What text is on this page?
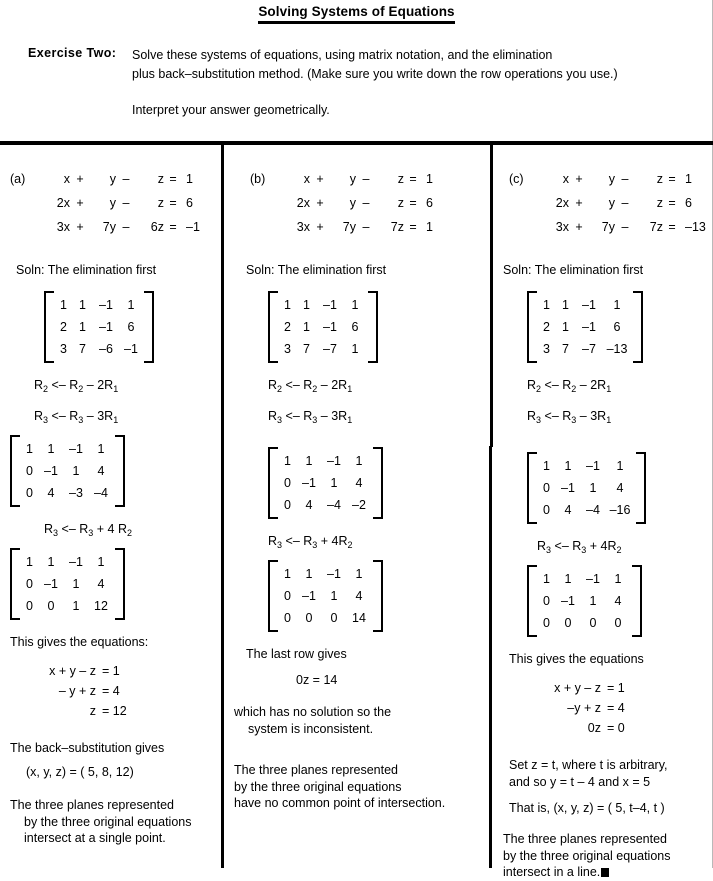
Solving Systems of Equations
Exercise Two: Solve these systems of equations, using matrix notation, and the elimination
plus back–substitution method. (Make sure you write down the row operations you use.)
Interpret your answer geometrically.
(a)	x +	y –	z = 1
2x +	y –	z = 6
3x +	7y –	6z = –1
Soln: The elimination first
1 1	–1	1
2 1	–1	6
3 7	–6 –1
$R_2 <- R_2 - 2R_1$
$R_3 <- R_3 - 3R_1$
1	1	–1	1
0 –1	1	4
0	4	–3 –4
$R_3 <- R_3 + 4$ $R_2$
1	1	–1	1
0 –1	1	4
0	0	1	12
This gives the equations:
x + y – z = 1
– y + z = 4
z = 12
The back–substitution gives
(x, y, z) = ( 5, 8, 12)
The three planes represented
by the three original equations
intersect at a single point.
(b)	x +	y –	z = 1
2x +	y –	z = 6
3x +	7y –	7z = 1
Soln: The elimination first
1 1	–1	1
2 1	–1	6
3 7	–7	1
$R_2 <- R_2 - 2R_1$
$R_3 <- R_3 - 3R_1$
1	1	–1	1
0 –1	1	4
0	4	–4 –2
$R_3 <- R_3 + 4R_2$
1	1	–1	1
0 –1	1	4
0	0	0	14
The last row gives
0z = 14
which has no solution so the
system is inconsistent.
The three planes represented
by the three original equations
have no common point of intersection.
(c)	x +	y –	z = 1
2x +	y –	z = 6
3x +	7y –	7z = –13
Soln: The elimination first
1 1	–1	1
2 1	–1	6
3 7	–7 –13
$R_2 <- R_2 - 2R_1$
$R_3 <- R_3 - 3R_1$
1	1	–1	1
0 –1	1	4
0	4	–4 –16
$R_3 <- R_3 + 4R_2$
1	1	–1	1
0 –1	1	4
0	0	0	0
This gives the equations
x + y – z = 1
–y + z = 4
0z = 0
Set z = t, where t is arbitrary,
and so y = t – 4 and x = 5
That is, (x, y, z) = ( 5, t–4, t )
The three planes represented
by the three original equations
intersect in a line.
